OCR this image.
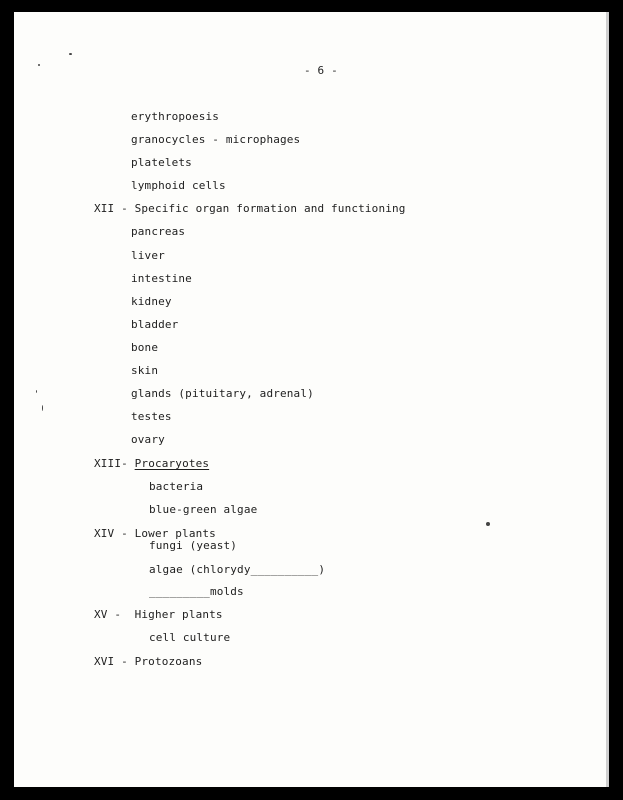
- 6 -
erythropoesis
granocycles - microphages
platelets
lymphoid cells
XII - Specific organ formation and functioning
pancreas
liver
intestine
kidney
bladder
bone
skin
glands (pituitary, adrenal)
testes
ovary
XIII- Procaryotes
bacteria
blue-green algae
XIV - Lower plants
fungi (yeast)
algae (chlorydy__________)
_________molds
XV -  Higher plants
cell culture
XVI - Protozoans
